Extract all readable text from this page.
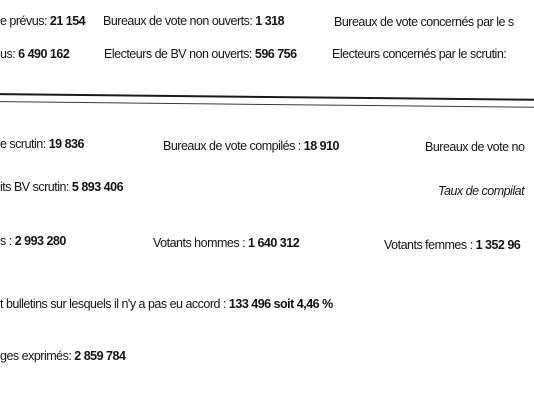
e prévus: 21 154 Bureaux de vote non ouverts: 1 318	Bureaux de vote concernés par le s
us: 6 490 162	Electeurs de BV non ouverts: 596 756	Electeurs concernés par le scrutin:
e scrutin: 19 836	Bureaux de vote compilés : 18 910	Bureaux de vote no
its BV scrutin: 5 893 406	Taux de compilat
s : 2 993 280	Votants hommes : 1 640 312	Votants femmes : 1 352 96
t bulletins sur lesquels il n'y a pas eu accord : 133 496 soit 4,46 %
ges exprimés: 2 859 784
